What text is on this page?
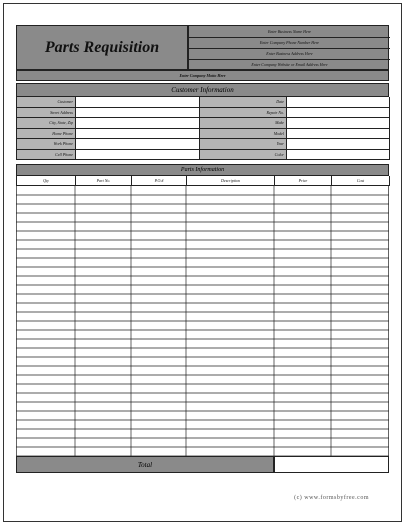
Parts Requisition
Enter Business Name Here
Enter Company Phone Number Here
Enter Business Address Here
Enter Company Website or Email Address Here
Enter Company Motto Here
Customer Information
Customer	Date
Street Address	Repair No.
City, State, Zip	Make
Home Phone	Model
Work Phone	Year
Cell Phone	Color
Parts Information
Qty	Part No.	P.O.#	Description	Price	Cost
Total
(c) www.formsbyfree.com
